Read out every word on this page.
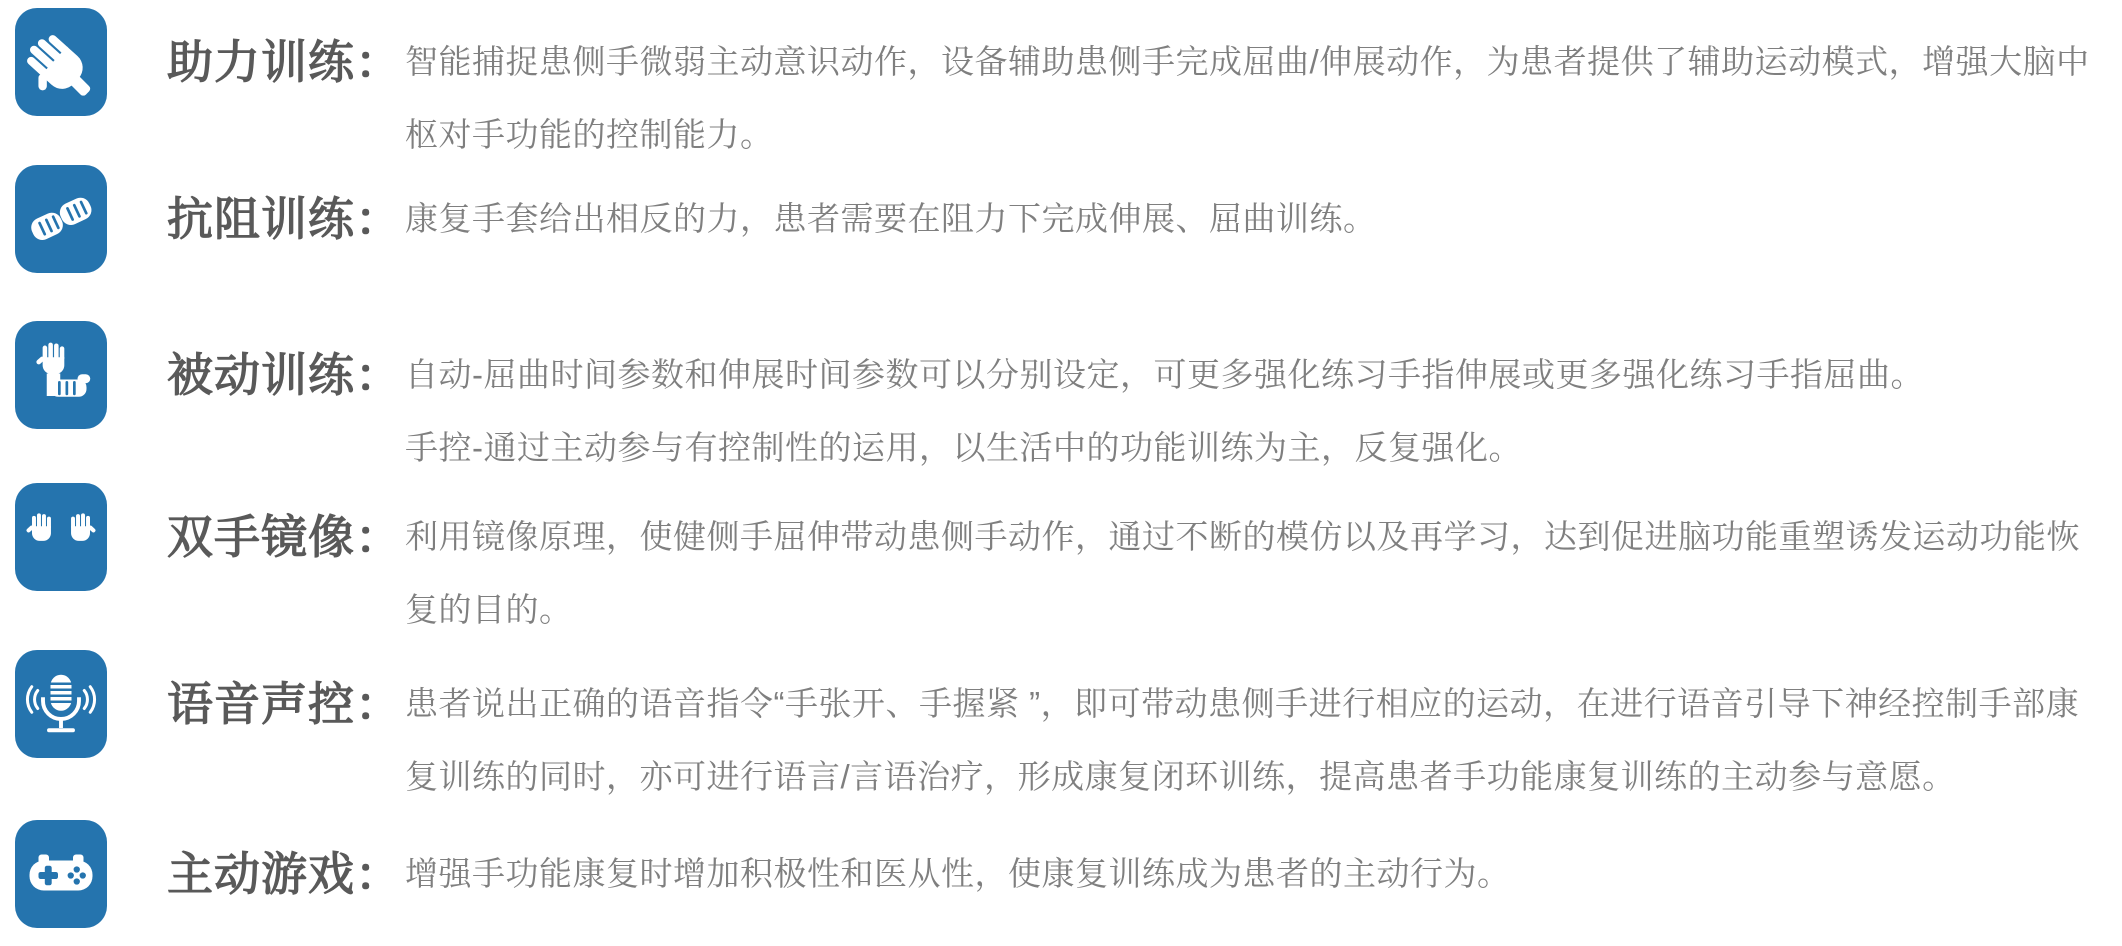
助力训练： 智能捕捉患侧手微弱主动意识动作，设备辅助患侧手完成屈曲/伸展动作，为患者提供了辅助运动模式，增强大脑中枢对手功能的控制能力。

抗阻训练： 康复手套给出相反的力，患者需要在阻力下完成伸展、屈曲训练。

被动训练： 自动-屈曲时间参数和伸展时间参数可以分别设定，可更多强化练习手指伸展或更多强化练习手指屈曲。

手控-通过主动参与有控制性的运用，以生活中的功能训练为主，反复强化。

双手镜像： 利用镜像原理，使健侧手屈伸带动患侧手动作，通过不断的模仿以及再学习，达到促进脑功能重塑诱发运动功能恢复的目的。

语音声控： 患者说出正确的语音指令“手张开、手握紧 ”，即可带动患侧手进行相应的运动，在进行语音引导下神经控制手部康复训练的同时，亦可进行语言/言语治疗，形成康复闭环训练，提高患者手功能康复训练的主动参与意愿。

主动游戏： 增强手功能康复时增加积极性和医从性，使康复训练成为患者的主动行为。
